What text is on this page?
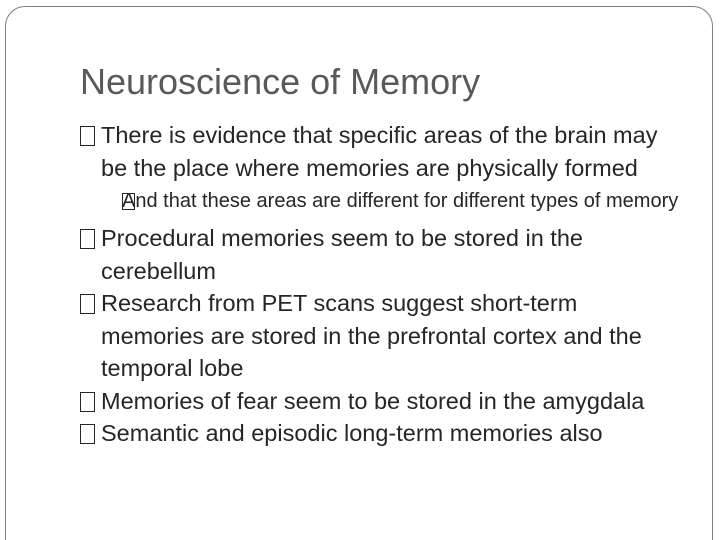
Neuroscience of Memory
There is evidence that specific areas of the brain may be the place where memories are physically formed
And that these areas are different for different types of memory
Procedural memories seem to be stored in the cerebellum
Research from PET scans suggest short-term memories are stored in the prefrontal cortex and the temporal lobe
Memories of fear seem to be stored in the amygdala
Semantic and episodic long-term memories also
